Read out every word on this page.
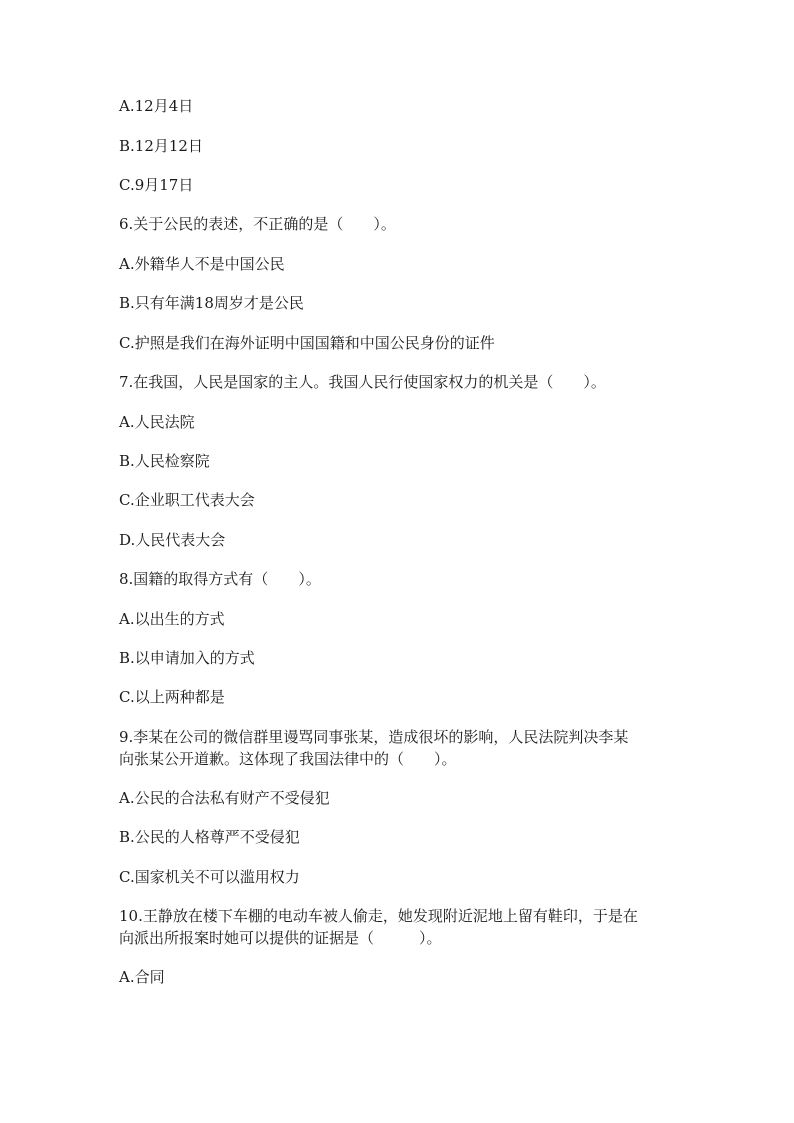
A.12月4日
B.12月12日
C.9月17日
6.关于公民的表述，不正确的是（　　）。
A.外籍华人不是中国公民
B.只有年满18周岁才是公民
C.护照是我们在海外证明中国国籍和中国公民身份的证件
7.在我国，人民是国家的主人。我国人民行使国家权力的机关是（　　）。
A.人民法院
B.人民检察院
C.企业职工代表大会
D.人民代表大会
8.国籍的取得方式有（　　）。
A.以出生的方式
B.以申请加入的方式
C.以上两种都是
9.李某在公司的微信群里谩骂同事张某，造成很坏的影响，人民法院判决李某
向张某公开道歉。这体现了我国法律中的（　　）。
A.公民的合法私有财产不受侵犯
B.公民的人格尊严不受侵犯
C.国家机关不可以滥用权力
10.王静放在楼下车棚的电动车被人偷走，她发现附近泥地上留有鞋印，于是在
向派出所报案时她可以提供的证据是（　　　）。
A.合同
